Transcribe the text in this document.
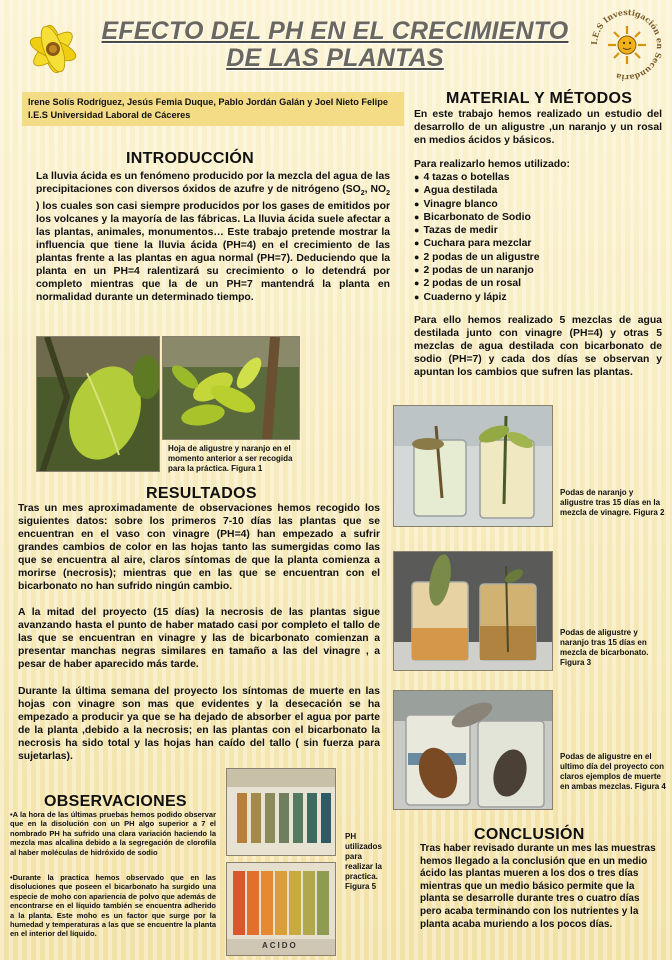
EFECTO DEL PH EN EL CRECIMIENTO DE LAS PLANTAS
I.E.S Investigación en Secundaria
Irene Solís Rodríguez, Jesús Femia Duque, Pablo Jordán Galán y Joel Nieto Felipe
I.E.S Universidad Laboral de Cáceres
INTRODUCCIÓN
La lluvia ácida es un fenómeno producido por la mezcla del agua de las precipitaciones con diversos óxidos de azufre y de nitrógeno ($SO_2$, $NO_2$ ) los cuales son casi siempre producidos por los gases de emitidos por los volcanes y la mayoría de las fábricas. La lluvia ácida suele afectar a las plantas, animales, monumentos… Este trabajo pretende mostrar la influencia que tiene la lluvia ácida (PH=4) en el crecimiento de las plantas frente a las plantas en agua normal (PH=7). Deduciendo que la planta en un PH=4 ralentizará su crecimiento o lo detendrá por completo mientras que la de un PH=7 mantendrá la planta en normalidad durante un determinado tiempo.
Hoja de aligustre y naranjo en el momento anterior a ser recogida para la práctica. Figura 1
RESULTADOS
Tras un mes aproximadamente de observaciones hemos recogido los siguientes datos: sobre los primeros 7-10 días las plantas que se encuentran en el vaso con vinagre (PH=4) han empezado a sufrir grandes cambios de color en las hojas tanto las sumergidas como las que se encuentra al aire, claros síntomas de que la planta comienza a morirse (necrosis); mientras que en las que se encuentran con el bicarbonato no han sufrido ningún cambio.
A la mitad del proyecto (15 días) la necrosis de las plantas sigue avanzando hasta el punto de haber matado casi por completo el tallo de las que se encuentran en vinagre y las de bicarbonato comienzan a presentar manchas negras similares en tamaño a las del vinagre , a pesar de haber aparecido más tarde.
Durante la última semana del proyecto los síntomas de muerte en las hojas con vinagre son mas que evidentes y la desecación se ha empezado a producir ya que se ha dejado de absorber el agua por parte de la planta ,debido a la necrosis; en las plantas con el bicarbonato la necrosis ha sido total y las hojas han caído del tallo ( sin fuerza para sujetarlas).
OBSERVACIONES
•A la hora de las últimas pruebas hemos podido observar que en la disolución con un PH algo superior a 7 el nombrado PH ha sufrido una clara variación haciendo la mezcla mas alcalina debido a la segregación de clorofila al haber moléculas de hidróxido de sodio
•Durante la practica hemos observado que en las disoluciones que poseen el bicarbonato ha surgido una especie de moho con apariencia de polvo que además de encontrarse en el líquido también se encuentra adherido a la planta. Este moho es un factor que surge por la humedad y temperaturas a las que se encuentre la planta en el interior del líquido.
ACIDO
PH utilizados para realizar la practica. Figura 5
MATERIAL Y MÉTODOS
En este trabajo hemos realizado un estudio del desarrollo de un aligustre ,un naranjo y un rosal en medios ácidos y básicos.
Para realizarlo hemos utilizado:
● 4 tazas o botellas
● Agua destilada
● Vinagre blanco
● Bicarbonato de Sodio
● Tazas de medir
● Cuchara para mezclar
● 2 podas de un aligustre
● 2 podas de un naranjo
● 2 podas de un rosal
● Cuaderno y lápiz
Para ello hemos realizado 5 mezclas de agua destilada junto con vinagre (PH=4) y otras 5 mezclas de agua destilada con bicarbonato de sodio (PH=7) y cada dos días se observan y apuntan los cambios que sufren las plantas.
Podas de naranjo y aligustre tras 15 días en la mezcla de vinagre. Figura 2
Podas de aligustre y naranjo tras 15 días en mezcla de bicarbonato. Figura 3
Podas de aligustre en el ultimo día del proyecto con claros ejemplos de muerte en ambas mezclas. Figura 4
CONCLUSIÓN
Tras haber revisado durante un mes las muestras hemos llegado a la conclusión que en un medio ácido las plantas mueren a los dos o tres días mientras que un medio básico permite que la planta se desarrolle durante tres o cuatro días pero acaba terminando con los nutrientes y la planta acaba muriendo a los pocos días.
